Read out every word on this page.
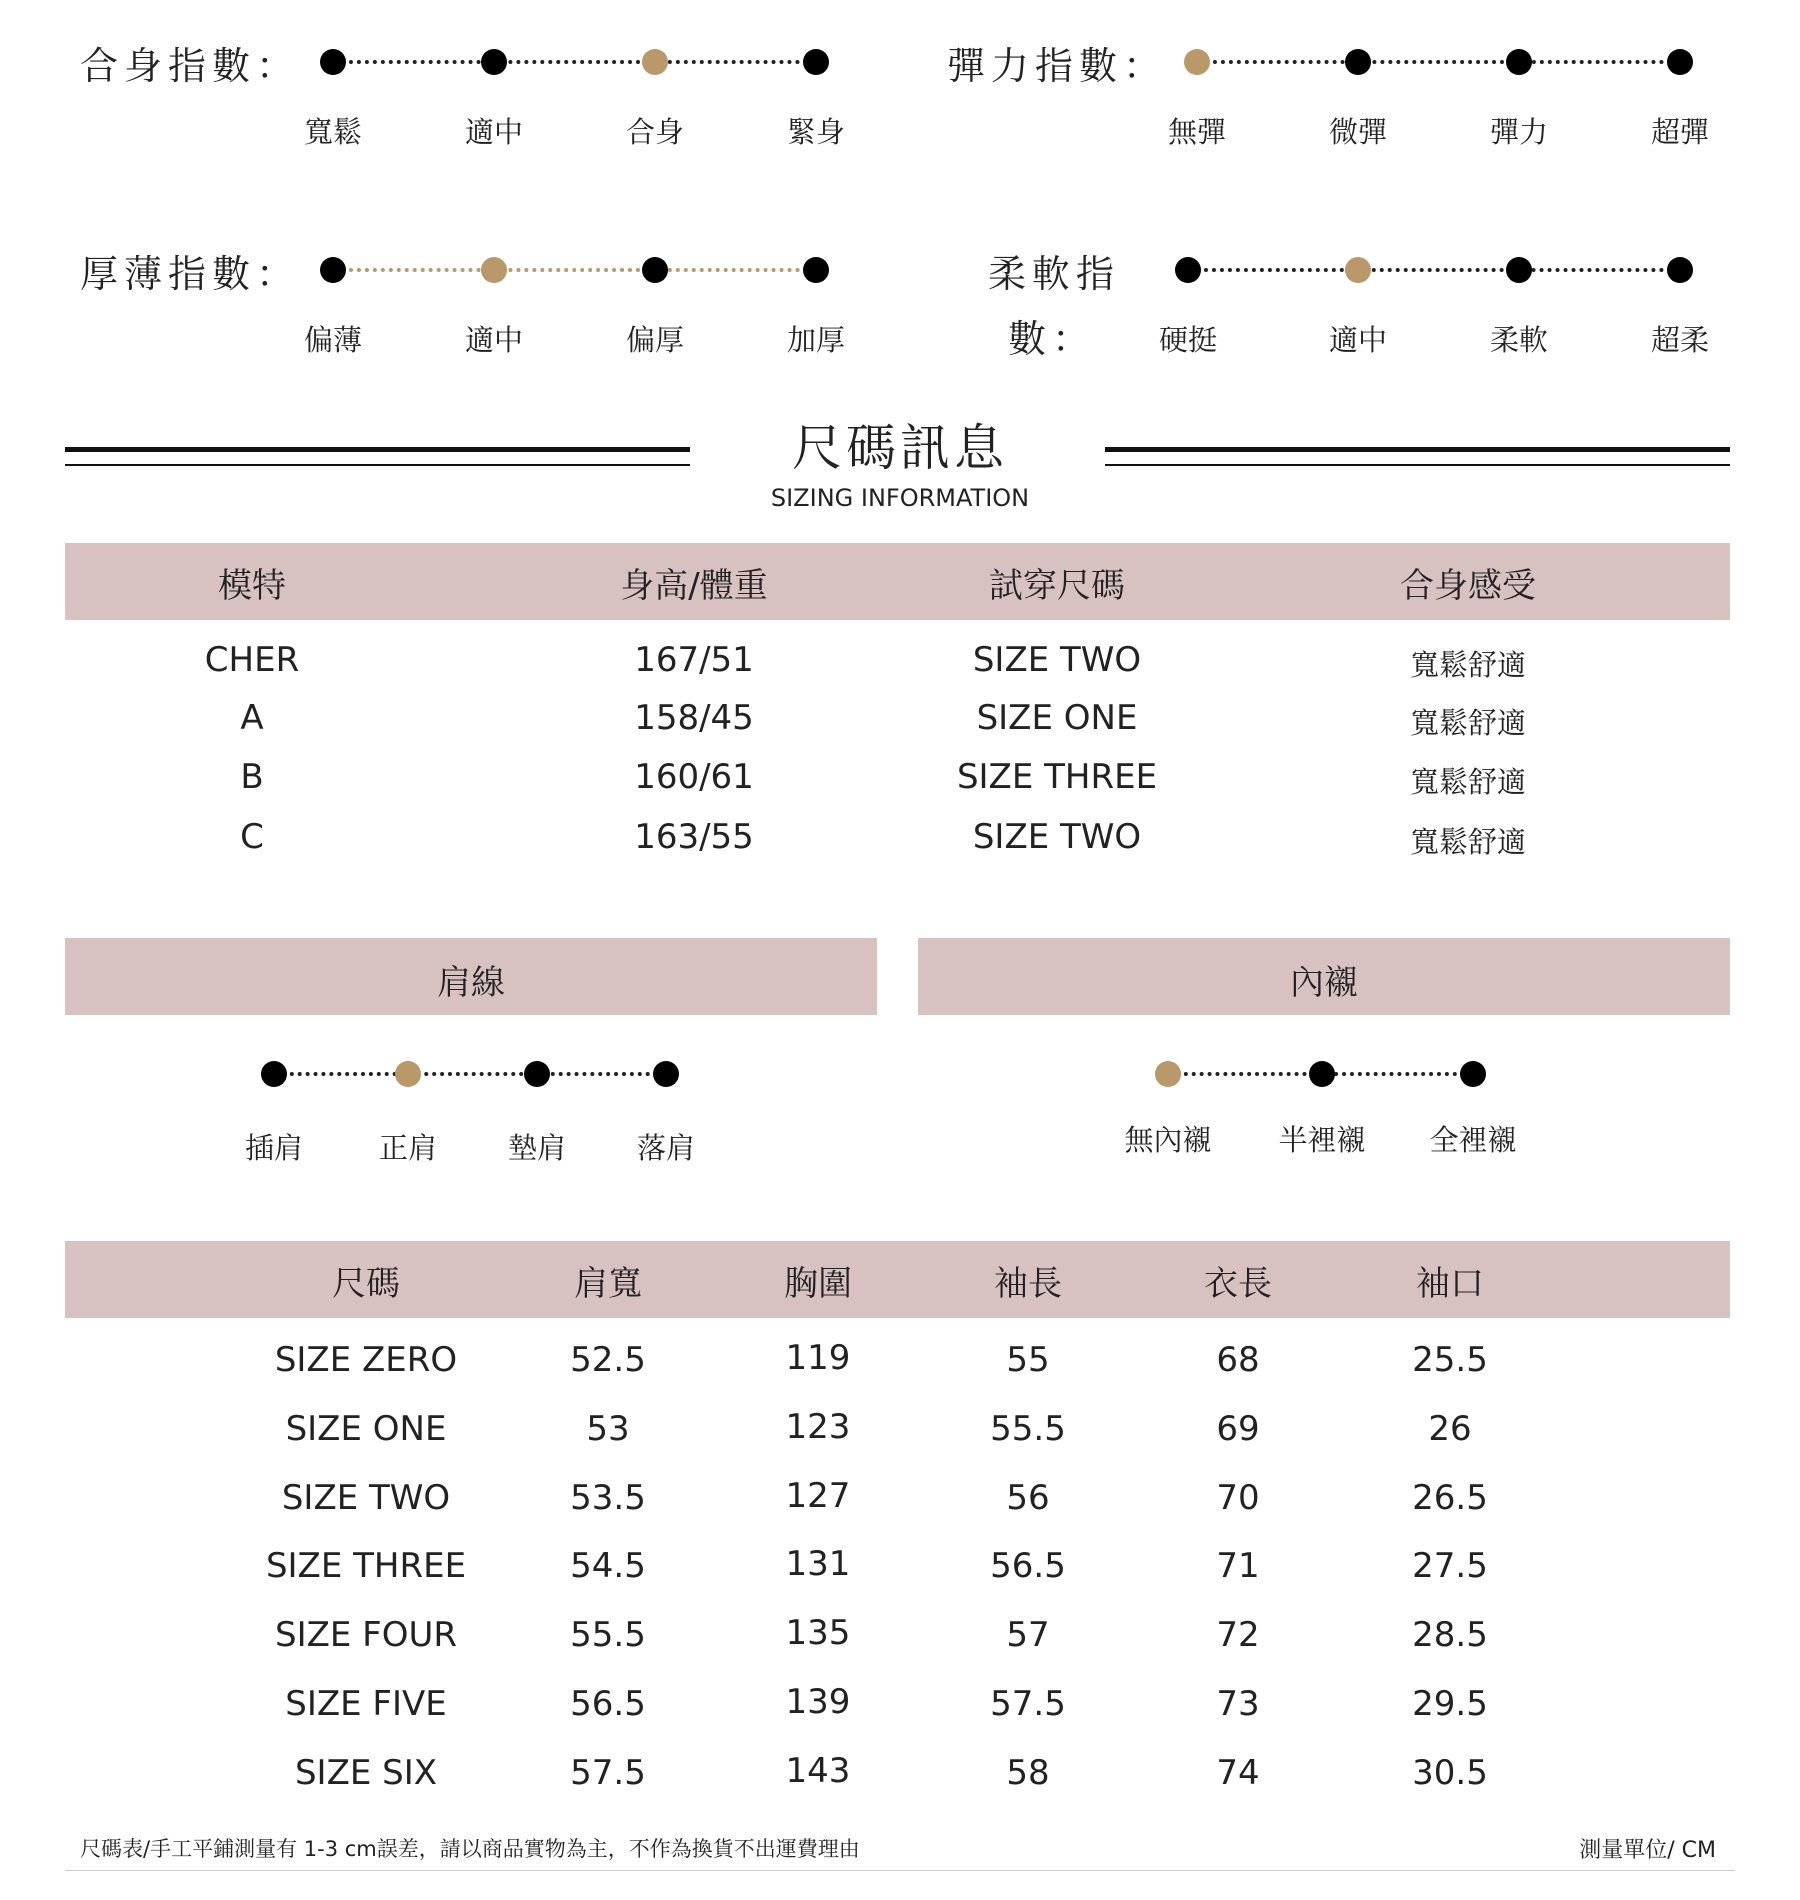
合身指數：
寬鬆	適中	合身	緊身
彈力指數：
無彈	微彈	彈力	超彈
厚薄指數：
偏薄	適中	偏厚	加厚
柔軟指
數： 硬挺	適中	柔軟	超柔
尺碼訊息
SIZING INFORMATION
模特	身高/體重	試穿尺碼	合身感受
CHER	167/51	SIZE TWO	寬鬆舒適
A	158/45	SIZE ONE	寬鬆舒適
B	160/61	SIZE THREE	寬鬆舒適
C	163/55	SIZE TWO	寬鬆舒適
肩線
插肩	正肩 墊肩 落肩
內襯
無內襯 半裡襯 全裡襯
尺碼	肩寬	胸圍	袖長	衣長	袖口
SIZE ZERO	52.5	119	55	68	25.5
SIZE ONE	53	123	55.5	69	26
SIZE TWO	53.5	127	56	70	26.5
SIZE THREE	54.5	131	56.5	71	27.5
SIZE FOUR	55.5	135	57	72	28.5
SIZE FIVE	56.5	139	57.5	73	29.5
SIZE SIX	57.5	143	58	74	30.5
尺碼表/手工平鋪測量有 1-3 cm誤差，請以商品實物為主，不作為換貨不出運費理由	測量單位/ CM
